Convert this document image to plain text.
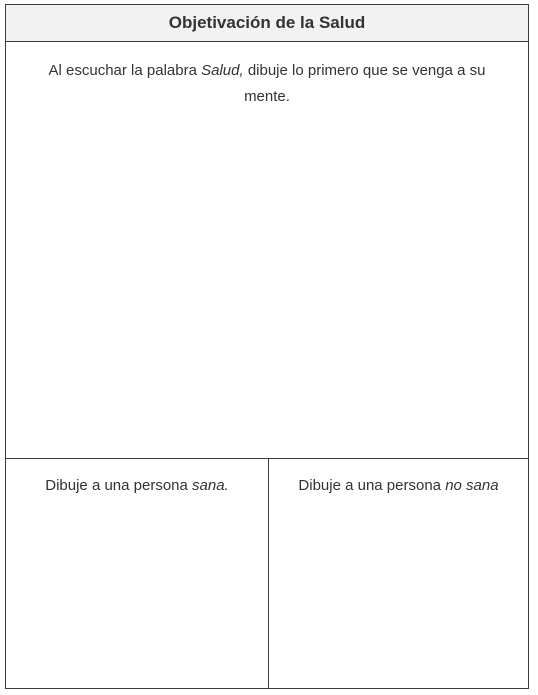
Objetivación de la Salud
Al escuchar la palabra Salud, dibuje lo primero que se venga a su mente.
Dibuje a una persona sana.	Dibuje a una persona no sana
